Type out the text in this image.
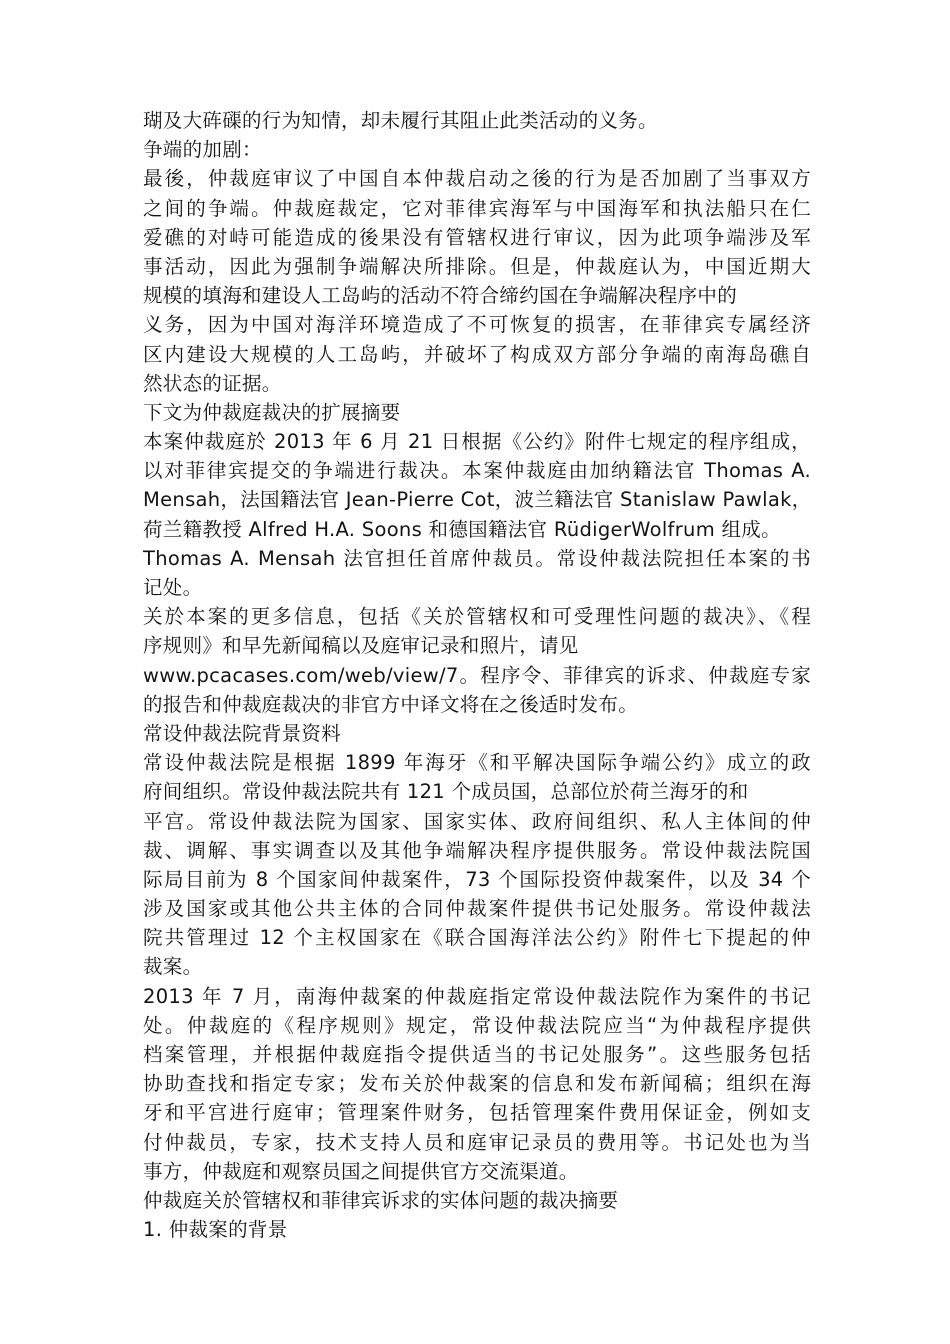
瑚及大砗磲的行为知情，却未履行其阻止此类活动的义务。
争端的加剧：
最後，仲裁庭审议了中国自本仲裁启动之後的行为是否加剧了当事双方
之间的争端。仲裁庭裁定，它对菲律宾海军与中国海军和执法船只在仁
爱礁的对峙可能造成的後果没有管辖权进行审议，因为此项争端涉及军
事活动，因此为强制争端解决所排除。但是，仲裁庭认为，中国近期大
规模的填海和建设人工岛屿的活动不符合缔约国在争端解决程序中的
义务，因为中国对海洋环境造成了不可恢复的损害，在菲律宾专属经济
区内建设大规模的人工岛屿，并破坏了构成双方部分争端的南海岛礁自
然状态的证据。
下文为仲裁庭裁决的扩展摘要
本案仲裁庭於 2013 年 6 月 21 日根据《公约》附件七规定的程序组成，
以对菲律宾提交的争端进行裁决。本案仲裁庭由加纳籍法官 Thomas A.
Mensah，法国籍法官 Jean-Pierre Cot，波兰籍法官 Stanislaw Pawlak，
荷兰籍教授 Alfred H.A. Soons 和德国籍法官 RüdigerWolfrum 组成。
Thomas A. Mensah 法官担任首席仲裁员。常设仲裁法院担任本案的书
记处。
关於本案的更多信息，包括《关於管辖权和可受理性问题的裁决》、《程
序规则》和早先新闻稿以及庭审记录和照片，请见
www.pcacases.com/web/view/7。程序令、菲律宾的诉求、仲裁庭专家
的报告和仲裁庭裁决的非官方中译文将在之後适时发布。
常设仲裁法院背景资料
常设仲裁法院是根据 1899 年海牙《和平解决国际争端公约》成立的政
府间组织。常设仲裁法院共有 121 个成员国，总部位於荷兰海牙的和
平宫。常设仲裁法院为国家、国家实体、政府间组织、私人主体间的仲
裁、调解、事实调查以及其他争端解决程序提供服务。常设仲裁法院国
际局目前为 8 个国家间仲裁案件，73 个国际投资仲裁案件，以及 34 个
涉及国家或其他公共主体的合同仲裁案件提供书记处服务。常设仲裁法
院共管理过 12 个主权国家在《联合国海洋法公约》附件七下提起的仲
裁案。
2013 年 7 月，南海仲裁案的仲裁庭指定常设仲裁法院作为案件的书记
处。仲裁庭的《程序规则》规定，常设仲裁法院应当“为仲裁程序提供
档案管理，并根据仲裁庭指令提供适当的书记处服务”。这些服务包括
协助查找和指定专家；发布关於仲裁案的信息和发布新闻稿；组织在海
牙和平宫进行庭审；管理案件财务，包括管理案件费用保证金，例如支
付仲裁员，专家，技术支持人员和庭审记录员的费用等。书记处也为当
事方，仲裁庭和观察员国之间提供官方交流渠道。
仲裁庭关於管辖权和菲律宾诉求的实体问题的裁决摘要
1. 仲裁案的背景
